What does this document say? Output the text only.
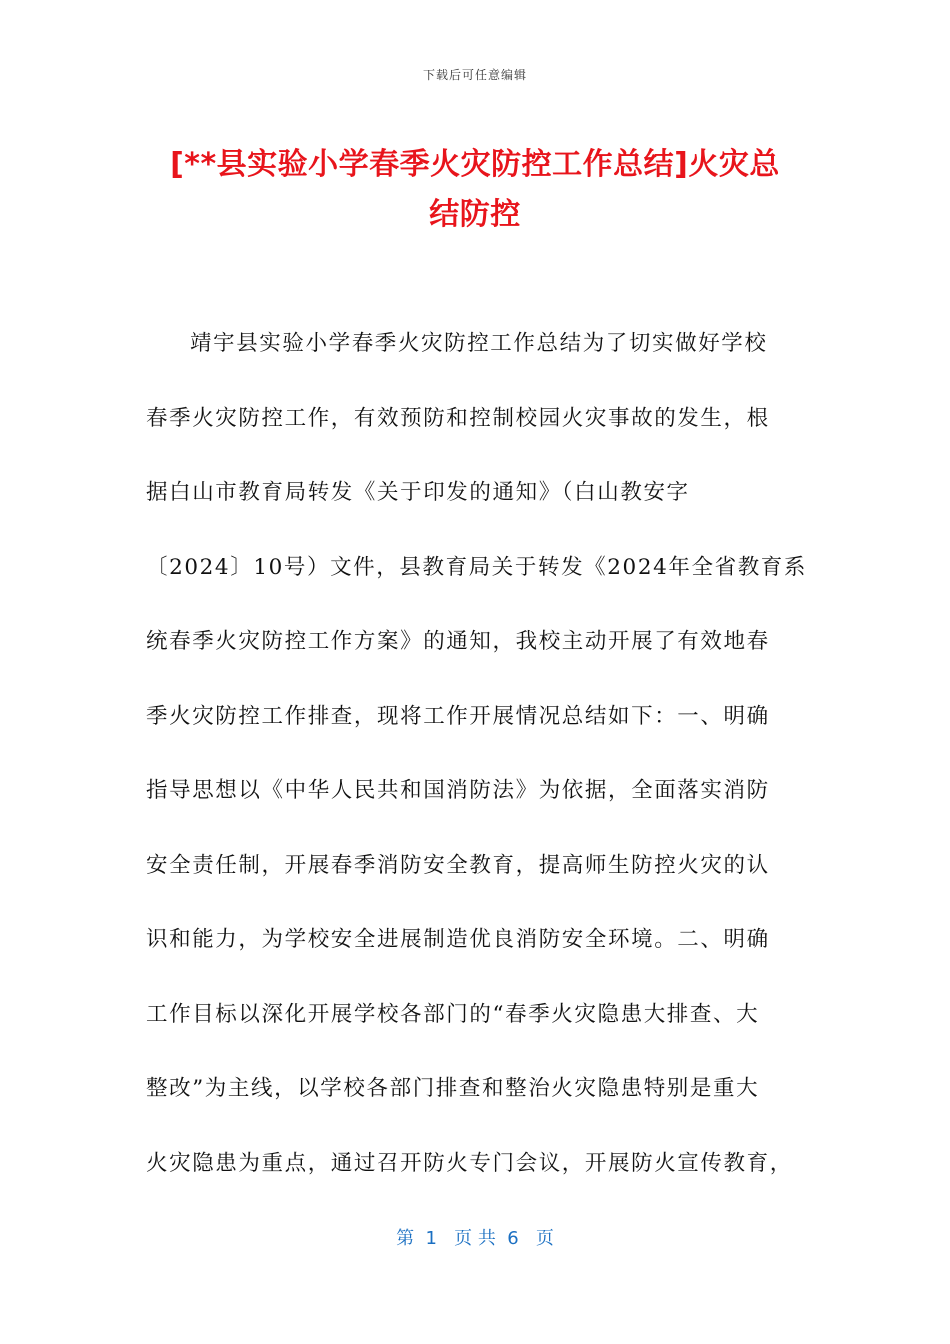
下载后可任意编辑
[**县实验小学春季火灾防控工作总结]火灾总
结防控
靖宇县实验小学春季火灾防控工作总结为了切实做好学校
春季火灾防控工作，有效预防和控制校园火灾事故的发生，根
据白山市教育局转发《关于印发的通知》（白山教安字
〔2024〕10号）文件，县教育局关于转发《2024年全省教育系
统春季火灾防控工作方案》的通知，我校主动开展了有效地春
季火灾防控工作排查，现将工作开展情况总结如下：一、明确
指导思想以《中华人民共和国消防法》为依据，全面落实消防
安全责任制，开展春季消防安全教育，提高师生防控火灾的认
识和能力，为学校安全进展制造优良消防安全环境。二、明确
工作目标以深化开展学校各部门的“春季火灾隐患大排查、大
整改”为主线，以学校各部门排查和整治火灾隐患特别是重大
火灾隐患为重点，通过召开防火专门会议，开展防火宣传教育，
第  1   页 共  6   页
